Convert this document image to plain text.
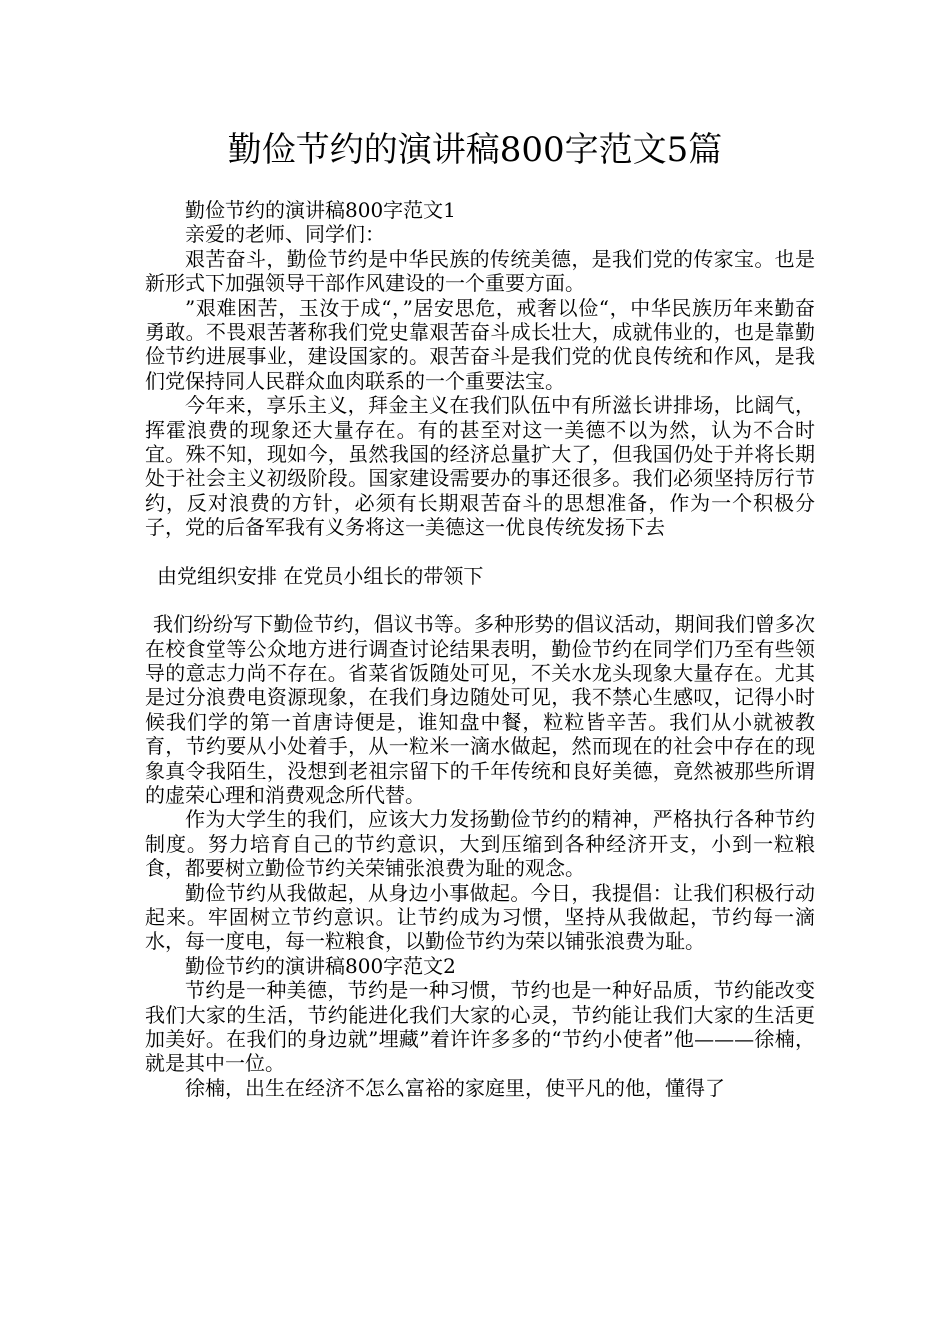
勤俭节约的演讲稿800字范文5篇

勤俭节约的演讲稿800字范文1

亲爱的老师、同学们：

艰苦奋斗，勤俭节约是中华民族的传统美德，是我们党的传家宝。也是新形式下加强领导干部作风建设的一个重要方面。

”艰难困苦，玉汝于成“，”居安思危，戒奢以俭“，中华民族历年来勤奋勇敢。不畏艰苦著称我们党史靠艰苦奋斗成长壮大，成就伟业的，也是靠勤俭节约进展事业，建设国家的。艰苦奋斗是我们党的优良传统和作风，是我们党保持同人民群众血肉联系的一个重要法宝。

今年来，享乐主义，拜金主义在我们队伍中有所滋长讲排场，比阔气，挥霍浪费的现象还大量存在。有的甚至对这一美德不以为然，认为不合时宜。殊不知，现如今，虽然我国的经济总量扩大了，但我国仍处于并将长期处于社会主义初级阶段。国家建设需要办的事还很多。我们必须坚持厉行节约，反对浪费的方针，必须有长期艰苦奋斗的思想准备，作为一个积极分子，党的后备军我有义务将这一美德这一优良传统发扬下去

由党组织安排 在党员小组长的带领下

我们纷纷写下勤俭节约，倡议书等。多种形势的倡议活动，期间我们曾多次在校食堂等公众地方进行调查讨论结果表明，勤俭节约在同学们乃至有些领导的意志力尚不存在。省菜省饭随处可见，不关水龙头现象大量存在。尤其是过分浪费电资源现象，在我们身边随处可见，我不禁心生感叹，记得小时候我们学的第一首唐诗便是，谁知盘中餐，粒粒皆辛苦。我们从小就被教育，节约要从小处着手，从一粒米一滴水做起，然而现在的社会中存在的现象真令我陌生，没想到老祖宗留下的千年传统和良好美德，竟然被那些所谓的虚荣心理和消费观念所代替。

作为大学生的我们，应该大力发扬勤俭节约的精神，严格执行各种节约制度。努力培育自己的节约意识，大到压缩到各种经济开支，小到一粒粮食，都要树立勤俭节约关荣铺张浪费为耻的观念。

勤俭节约从我做起，从身边小事做起。今日，我提倡：让我们积极行动起来。牢固树立节约意识。让节约成为习惯，坚持从我做起，节约每一滴水，每一度电，每一粒粮食，以勤俭节约为荣以铺张浪费为耻。

勤俭节约的演讲稿800字范文2

节约是一种美德，节约是一种习惯，节约也是一种好品质，节约能改变我们大家的生活，节约能进化我们大家的心灵，节约能让我们大家的生活更加美好。在我们的身边就”埋藏”着许许多多的“节约小使者”他———徐楠，就是其中一位。

徐楠，出生在经济不怎么富裕的家庭里，使平凡的他，懂得了
